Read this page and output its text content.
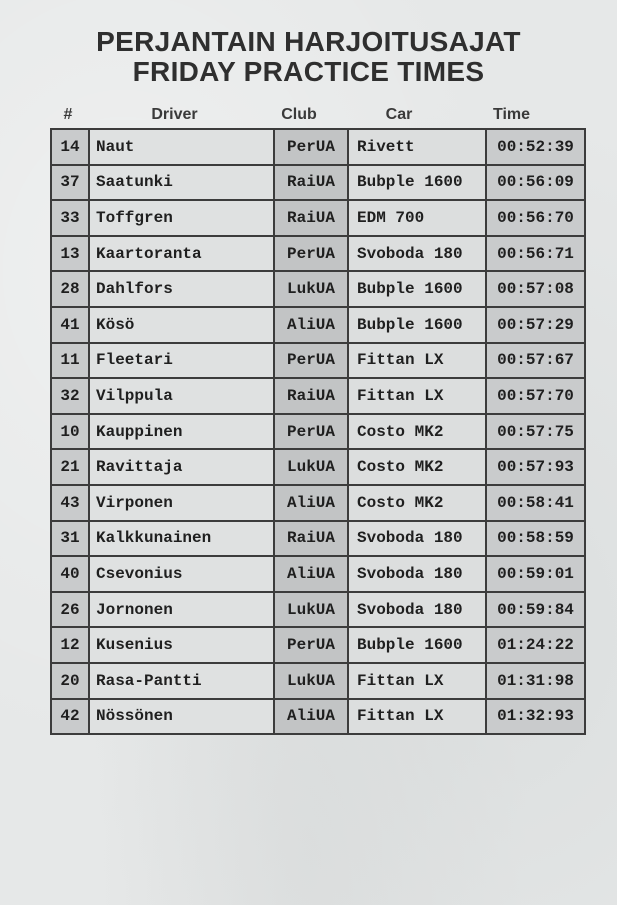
PERJANTAIN HARJOITUSAJAT
FRIDAY PRACTICE TIMES
#	Driver	Club	Car	Time
14	Naut	PerUA	Rivett	00:52:39
37	Saatunki	RaiUA	Bubple 1600	00:56:09
33	Toffgren	RaiUA	EDM 700	00:56:70
13	Kaartoranta	PerUA	Svoboda 180	00:56:71
28	Dahlfors	LukUA	Bubple 1600	00:57:08
41	Kösö	AliUA	Bubple 1600	00:57:29
11	Fleetari	PerUA	Fittan LX	00:57:67
32	Vilppula	RaiUA	Fittan LX	00:57:70
10	Kauppinen	PerUA	Costo MK2	00:57:75
21	Ravittaja	LukUA	Costo MK2	00:57:93
43	Virponen	AliUA	Costo MK2	00:58:41
31	Kalkkunainen	RaiUA	Svoboda 180	00:58:59
40	Csevonius	AliUA	Svoboda 180	00:59:01
26	Jornonen	LukUA	Svoboda 180	00:59:84
12	Kusenius	PerUA	Bubple 1600	01:24:22
20	Rasa-Pantti	LukUA	Fittan LX	01:31:98
42	Nössönen	AliUA	Fittan LX	01:32:93
